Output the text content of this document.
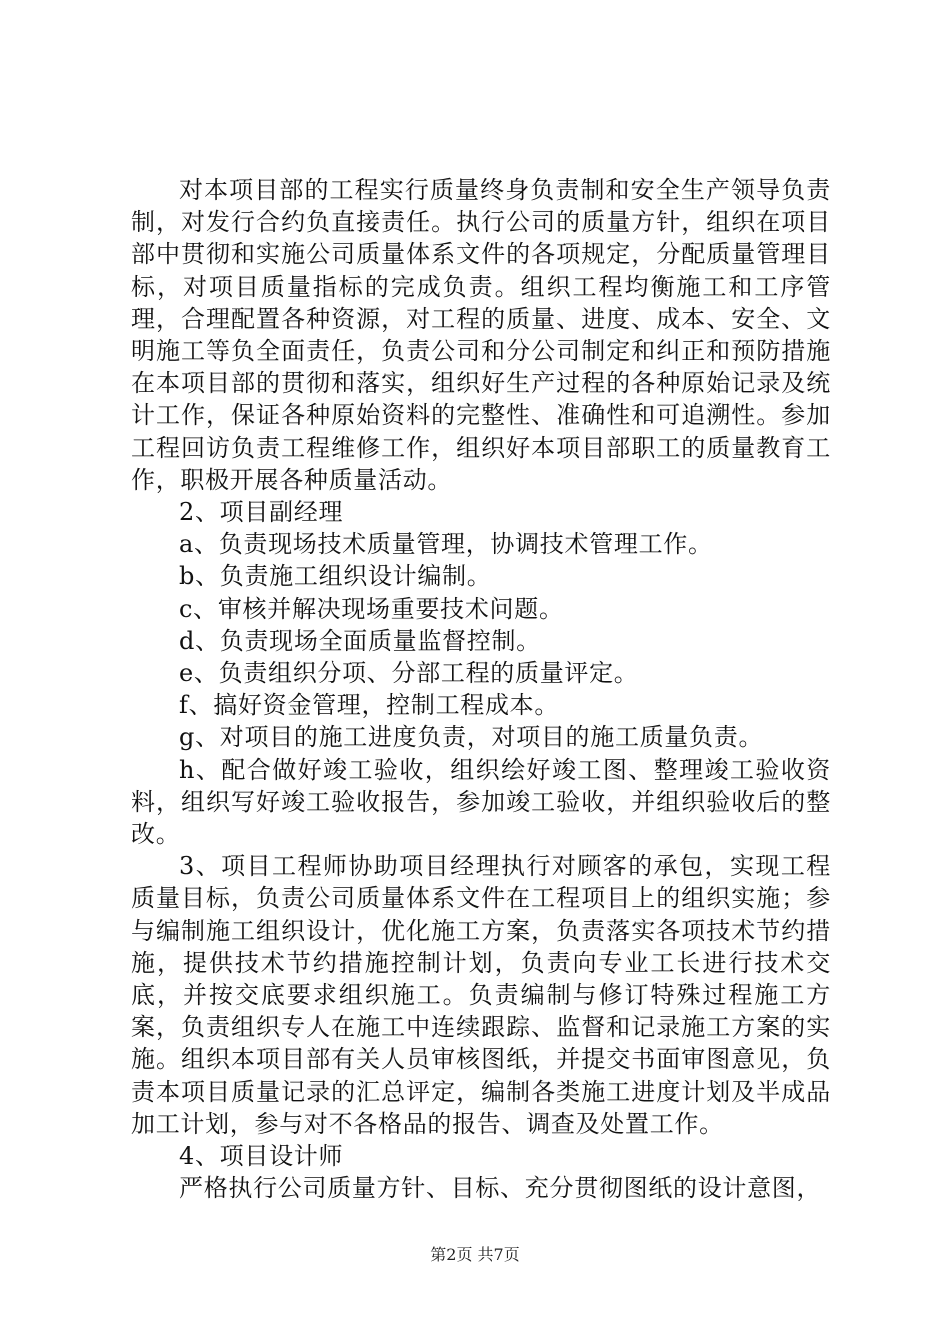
对本项目部的工程实行质量终身负责制和安全生产领导负责制，对发行合约负直接责任。执行公司的质量方针，组织在项目部中贯彻和实施公司质量体系文件的各项规定，分配质量管理目标，对项目质量指标的完成负责。组织工程均衡施工和工序管理，合理配置各种资源，对工程的质量、进度、成本、安全、文明施工等负全面责任，负责公司和分公司制定和纠正和预防措施在本项目部的贯彻和落实，组织好生产过程的各种原始记录及统计工作，保证各种原始资料的完整性、准确性和可追溯性。参加工程回访负责工程维修工作，组织好本项目部职工的质量教育工作，职极开展各种质量活动。

2、项目副经理

a、负责现场技术质量管理，协调技术管理工作。

b、负责施工组织设计编制。

c、审核并解决现场重要技术问题。

d、负责现场全面质量监督控制。

e、负责组织分项、分部工程的质量评定。

f、搞好资金管理，控制工程成本。

g、对项目的施工进度负责，对项目的施工质量负责。

h、配合做好竣工验收，组织绘好竣工图、整理竣工验收资料，组织写好竣工验收报告，参加竣工验收，并组织验收后的整改。

3、项目工程师协助项目经理执行对顾客的承包，实现工程质量目标，负责公司质量体系文件在工程项目上的组织实施；参与编制施工组织设计，优化施工方案，负责落实各项技术节约措施，提供技术节约措施控制计划，负责向专业工长进行技术交底，并按交底要求组织施工。负责编制与修订特殊过程施工方案，负责组织专人在施工中连续跟踪、监督和记录施工方案的实施。组织本项目部有关人员审核图纸，并提交书面审图意见，负责本项目质量记录的汇总评定，编制各类施工进度计划及半成品加工计划，参与对不各格品的报告、调查及处置工作。

4、项目设计师

严格执行公司质量方针、目标、充分贯彻图纸的设计意图，

第2页 共7页
